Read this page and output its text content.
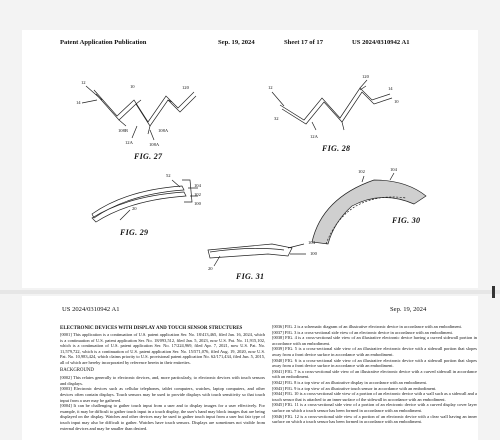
Patent Application Publication	Sep. 19, 2024	Sheet 17 of 17	US 2024/0310942 A1
12
14
10	120
108B	108A
12A	108A
FIG. 27
12
120
14
10
32
12A
FIG. 28
52
104
102
100
20
FIG. 29
102	104
FIG. 30
20
104
100
FIG. 31
US 2024/0310942 A1	Sep. 19, 2024

ELECTRONIC DEVICES WITH DISPLAY AND TOUCH SENSOR STRUCTURES

[0001] This application is a continuation of U.S. patent application Ser. No. 18/413,465, filed Jan. 16, 2024, which is a continuation of U.S. patent application Ser. No. 18/093,512, filed Jan. 5, 2023, now U.S. Pat. No. 11,915,102, which is a continuation of U.S. patent application Ser. No. 17/224,969, filed Apr. 7, 2021, now U.S. Pat. No. 11,579,722, which is a continuation of U.S. patent application Ser. No. 15/571,076, filed Aug. 19, 2020, now U.S. Pat. No. 10,983,424, which claims priority to U.S. provisional patent application No. 62/171,434, filed Jun. 5, 2015, all of which are hereby incorporated by reference herein in their entireties.

BACKGROUND

[0002] This relates generally to electronic devices, and, more particularly, to electronic devices with touch sensors and displays.

[0003] Electronic devices such as cellular telephones, tablet computers, watches, laptop computers, and other devices often contain displays. Touch sensors may be used to provide displays with touch sensitivity so that touch input from a user may be gathered.

[0004] It can be challenging to gather touch input from a user and to display images for a user effectively. For example, it may be difficult to gather touch input in a touch display, the user's hand may block images that are being displayed on the display. Watches and other devices may be used to gather touch input from a user but fair type of touch input may also be difficult to gather. Watches have touch sensors. Displays are sometimes not visible from external devices and may be smaller than desired.

[0036] FIG. 2 is a schematic diagram of an illustrative electronic device in accordance with an embodiment.

[0037] FIG. 3 is a cross-sectional side view of an electronic device in accordance with an embodiment.

[0038] FIG. 4 is a cross-sectional side view of an illustrative electronic device having a curved sidewall portion in accordance with an embodiment.

[0039] FIG. 5 is a cross-sectional side view of an illustrative electronic device with a sidewall portion that slopes away from a front device surface in accordance with an embodiment.

[0040] FIG. 6 is a cross-sectional side view of an illustrative electronic device with a sidewall portion that slopes away from a front device surface in accordance with an embodiment.

[0041] FIG. 7 is a cross-sectional side view of an illustrative electronic device with a curved sidewall in accordance with an embodiment.

[0042] FIG. 8 is a top view of an illustrative display in accordance with an embodiment.

[0043] FIG. 9 is a top view of an illustrative touch sensor in accordance with an embodiment.

[0044] FIG. 10 is a cross-sectional side view of a portion of an electronic device with a wall such as a sidewall and a touch sensor that is attached to an inner surface of the sidewall in accordance with an embodiment.

[0045] FIG. 11 is a cross-sectional side view of a portion of an electronic device with a curved display cover layer surface on which a touch sensor has been formed in accordance with an embodiment.

[0046] FIG. 12 is a cross-sectional side view of a portion of an electronic device with a clear wall having an inner surface on which a touch sensor has been formed in accordance with an embodiment.
